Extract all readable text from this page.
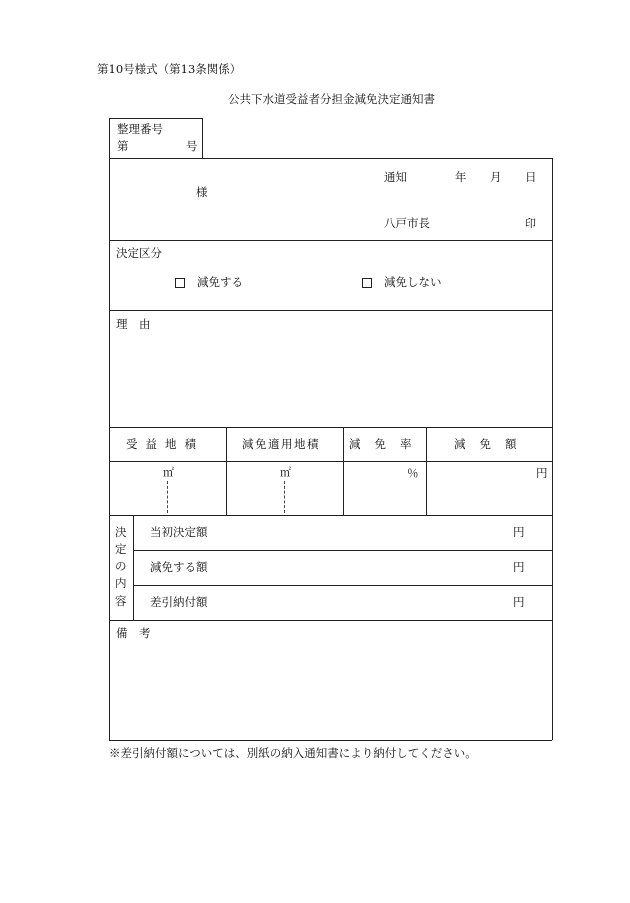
第10号様式（第13条関係）
公共下水道受益者分担金減免決定通知書
整理番号
第	号
様
通知	年 月 日
八戸市長	印
決定区分
減免する	減免しない
理　由
受益地積	減免適用地積	減免率 減免額
㎡	㎡	％	円
決
定
の
内
容
当初決定額	円
減免する額	円
差引納付額	円
備　考
※差引納付額については、別紙の納入通知書により納付してください。
